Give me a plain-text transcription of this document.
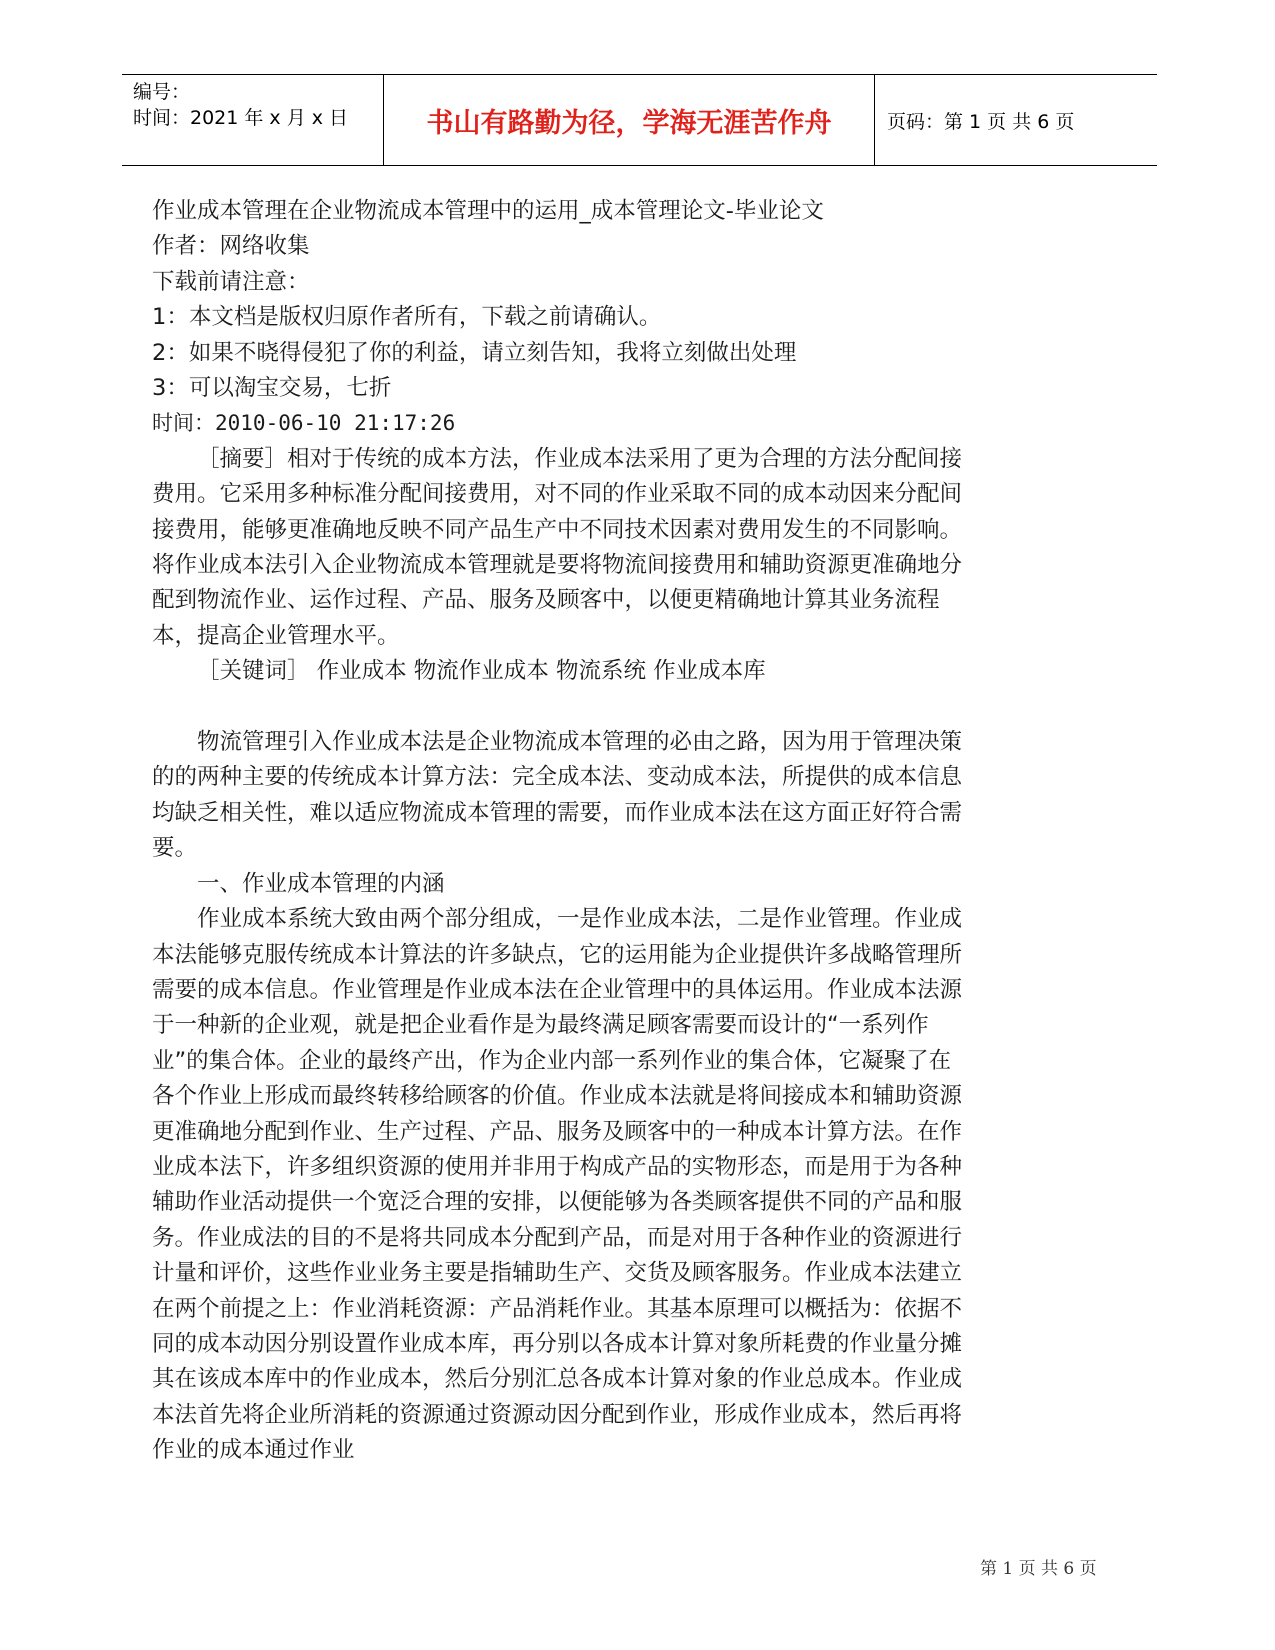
编号：
时间：2021 年 x 月 x 日	书山有路勤为径，学海无涯苦作舟	页码：第 1 页 共 6 页

作业成本管理在企业物流成本管理中的运用_成本管理论文-毕业论文

作者：网络收集

下载前请注意：

1：本文档是版权归原作者所有，下载之前请确认。

2：如果不晓得侵犯了你的利益，请立刻告知，我将立刻做出处理

3：可以淘宝交易，七折

时间：2010-06-10 21:17:26

［摘要］相对于传统的成本方法，作业成本法采用了更为合理的方法分配间接费用。它采用多种标准分配间接费用，对不同的作业采取不同的成本动因来分配间接费用，能够更准确地反映不同产品生产中不同技术因素对费用发生的不同影响。将作业成本法引入企业物流成本管理就是要将物流间接费用和辅助资源更准确地分配到物流作业、运作过程、产品、服务及顾客中，以便更精确地计算其业务流程本，提高企业管理水平。

［关键词］ 作业成本 物流作业成本 物流系统 作业成本库

物流管理引入作业成本法是企业物流成本管理的必由之路，因为用于管理决策的的两种主要的传统成本计算方法：完全成本法、变动成本法，所提供的成本信息均缺乏相关性，难以适应物流成本管理的需要，而作业成本法在这方面正好符合需要。

一、作业成本管理的内涵

作业成本系统大致由两个部分组成，一是作业成本法，二是作业管理。作业成本法能够克服传统成本计算法的许多缺点，它的运用能为企业提供许多战略管理所需要的成本信息。作业管理是作业成本法在企业管理中的具体运用。作业成本法源于一种新的企业观，就是把企业看作是为最终满足顾客需要而设计的“一系列作业”的集合体。企业的最终产出，作为企业内部一系列作业的集合体，它凝聚了在各个作业上形成而最终转移给顾客的价值。作业成本法就是将间接成本和辅助资源更准确地分配到作业、生产过程、产品、服务及顾客中的一种成本计算方法。在作业成本法下，许多组织资源的使用并非用于构成产品的实物形态，而是用于为各种辅助作业活动提供一个宽泛合理的安排，以便能够为各类顾客提供不同的产品和服务。作业成法的目的不是将共同成本分配到产品，而是对用于各种作业的资源进行计量和评价，这些作业业务主要是指辅助生产、交货及顾客服务。作业成本法建立在两个前提之上：作业消耗资源：产品消耗作业。其基本原理可以概括为：依据不同的成本动因分别设置作业成本库，再分别以各成本计算对象所耗费的作业量分摊其在该成本库中的作业成本，然后分别汇总各成本计算对象的作业总成本。作业成本法首先将企业所消耗的资源通过资源动因分配到作业，形成作业成本，然后再将作业的成本通过作业

第 1 页 共 6 页
